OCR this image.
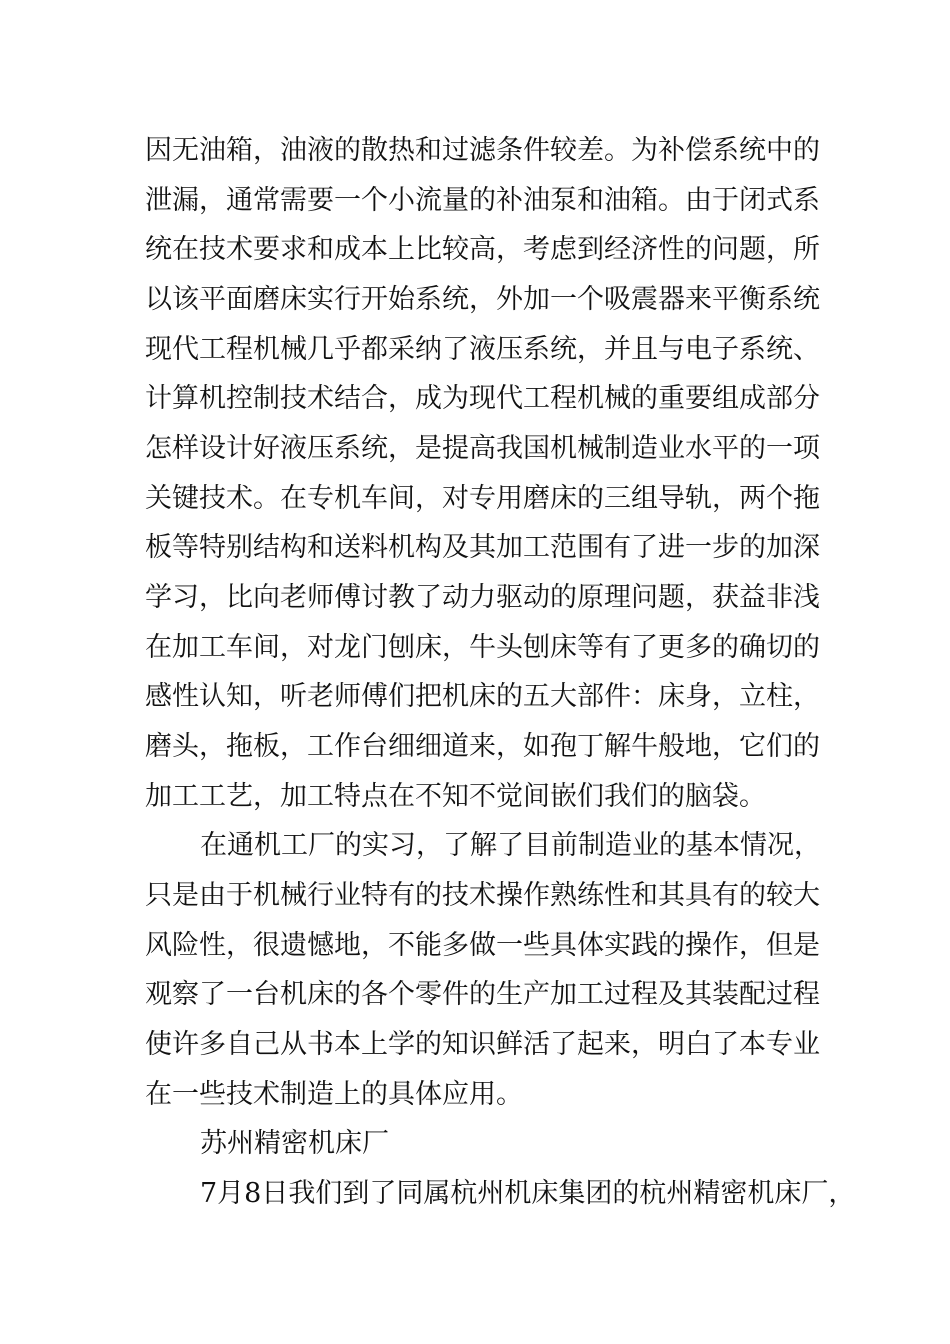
因无油箱，油液的散热和过滤条件较差。为补偿系统中的
泄漏，通常需要一个小流量的补油泵和油箱。由于闭式系
统在技术要求和成本上比较高，考虑到经济性的问题，所
以该平面磨床实行开始系统，外加一个吸震器来平衡系统
现代工程机械几乎都采纳了液压系统，并且与电子系统、
计算机控制技术结合，成为现代工程机械的重要组成部分
怎样设计好液压系统，是提高我国机械制造业水平的一项
关键技术。在专机车间，对专用磨床的三组导轨，两个拖
板等特别结构和送料机构及其加工范围有了进一步的加深
学习，比向老师傅讨教了动力驱动的原理问题，获益非浅
在加工车间，对龙门刨床，牛头刨床等有了更多的确切的
感性认知，听老师傅们把机床的五大部件：床身，立柱，
磨头，拖板，工作台细细道来，如孢丁解牛般地，它们的
加工工艺，加工特点在不知不觉间嵌们我们的脑袋。
在通机工厂的实习，了解了目前制造业的基本情况，
只是由于机械行业特有的技术操作熟练性和其具有的较大
风险性，很遗憾地，不能多做一些具体实践的操作，但是
观察了一台机床的各个零件的生产加工过程及其装配过程
使许多自己从书本上学的知识鲜活了起来，明白了本专业
在一些技术制造上的具体应用。
苏州精密机床厂
7月8日我们到了同属杭州机床集团的杭州精密机床厂，
